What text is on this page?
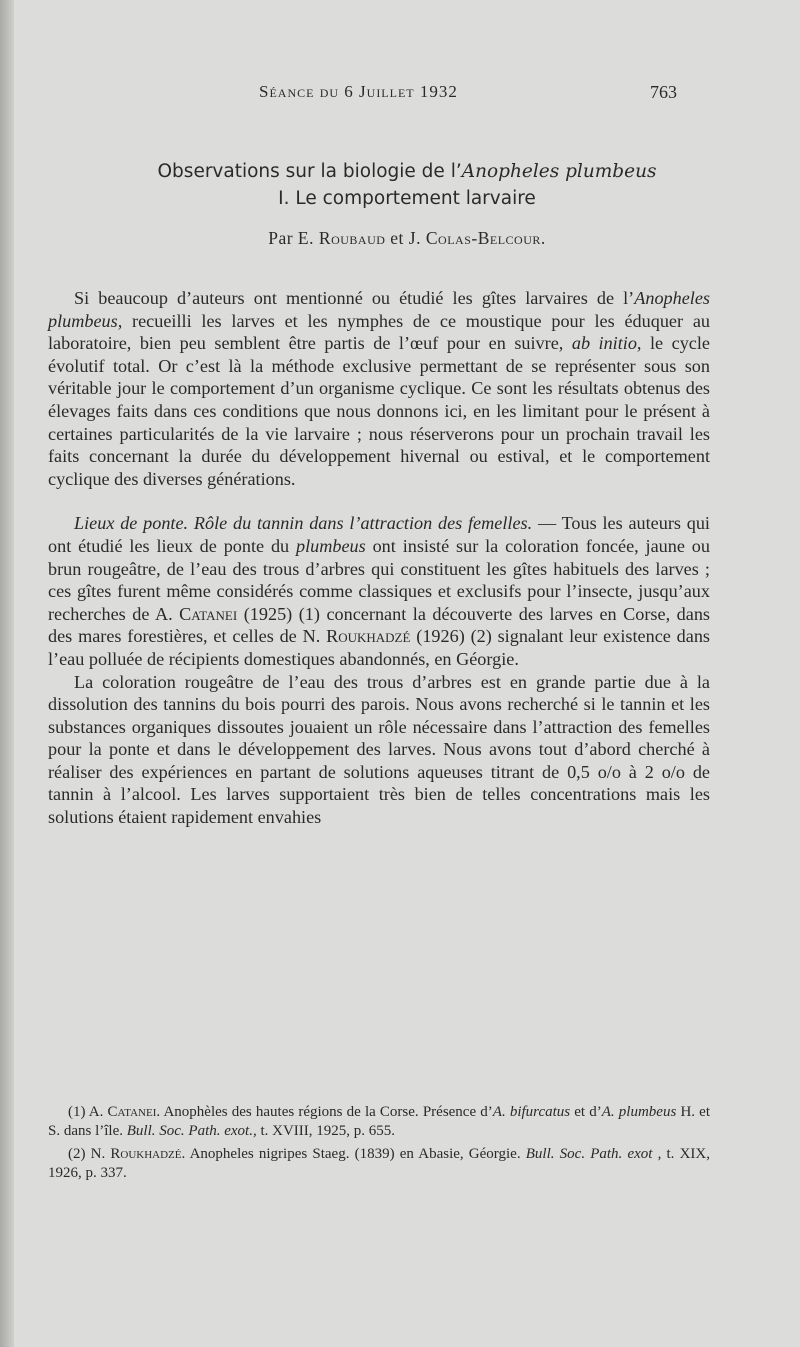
Séance du 6 Juillet 1932	763
Observations sur la biologie de l’Anopheles plumbeus
I. Le comportement larvaire
Par E. Roubaud et J. Colas-Belcour.

Si beaucoup d’auteurs ont mentionné ou étudié les gîtes larvaires de l’Anopheles plumbeus, recueilli les larves et les nymphes de ce moustique pour les éduquer au laboratoire, bien peu semblent être partis de l’œuf pour en suivre, ab initio, le cycle évolutif total. Or c’est là la méthode exclusive permettant de se représenter sous son véritable jour le comportement d’un organisme cyclique. Ce sont les résultats obtenus des élevages faits dans ces conditions que nous donnons ici, en les limitant pour le présent à certaines particularités de la vie larvaire ; nous réserverons pour un prochain travail les faits concernant la durée du développement hivernal ou estival, et le comportement cyclique des diverses générations.

Lieux de ponte. Rôle du tannin dans l’attraction des femelles. — Tous les auteurs qui ont étudié les lieux de ponte du plumbeus ont insisté sur la coloration foncée, jaune ou brun rougeâtre, de l’eau des trous d’arbres qui constituent les gîtes habituels des larves ; ces gîtes furent même considérés comme classiques et exclusifs pour l’insecte, jusqu’aux recherches de A. Catanei (1925) (1) concernant la découverte des larves en Corse, dans des mares forestières, et celles de N. Roukhadzé (1926) (2) signalant leur existence dans l’eau polluée de récipients domestiques abandonnés, en Géorgie.

La coloration rougeâtre de l’eau des trous d’arbres est en grande partie due à la dissolution des tannins du bois pourri des parois. Nous avons recherché si le tannin et les substances organiques dissoutes jouaient un rôle nécessaire dans l’attraction des femelles pour la ponte et dans le développement des larves. Nous avons tout d’abord cherché à réaliser des expériences en partant de solutions aqueuses titrant de 0,5 o/o à 2 o/o de tannin à l’alcool. Les larves supportaient très bien de telles concentrations mais les solutions étaient rapidement envahies

(1) A. Catanei. Anophèles des hautes régions de la Corse. Présence d’A. bifurcatus et d’A. plumbeus H. et S. dans l’île. Bull. Soc. Path. exot., t. XVIII, 1925, p. 655.

(2) N. Roukhadzé. Anopheles nigripes Staeg. (1839) en Abasie, Géorgie. Bull. Soc. Path. exot , t. XIX, 1926, p. 337.
